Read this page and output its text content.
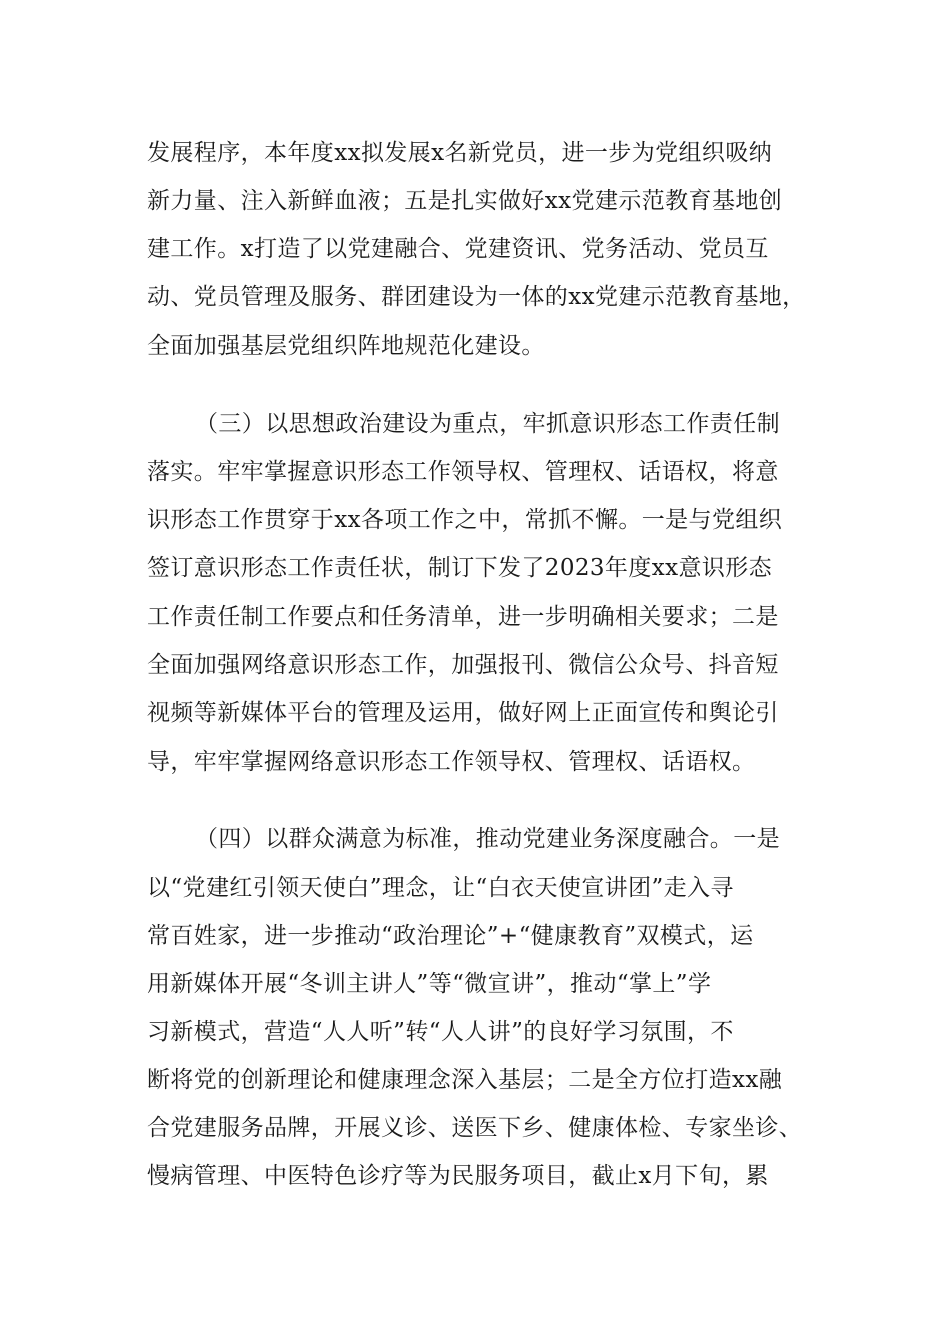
发展程序，本年度xx拟发展x名新党员，进一步为党组织吸纳
新力量、注入新鲜血液；五是扎实做好xx党建示范教育基地创
建工作。x打造了以党建融合、党建资讯、党务活动、党员互
动、党员管理及服务、群团建设为一体的xx党建示范教育基地，
全面加强基层党组织阵地规范化建设。
（三）以思想政治建设为重点，牢抓意识形态工作责任制
落实。牢牢掌握意识形态工作领导权、管理权、话语权，将意
识形态工作贯穿于xx各项工作之中，常抓不懈。一是与党组织
签订意识形态工作责任状，制订下发了2023年度xx意识形态
工作责任制工作要点和任务清单，进一步明确相关要求；二是
全面加强网络意识形态工作，加强报刊、微信公众号、抖音短
视频等新媒体平台的管理及运用，做好网上正面宣传和舆论引
导，牢牢掌握网络意识形态工作领导权、管理权、话语权。
（四）以群众满意为标准，推动党建业务深度融合。一是
以“党建红引领天使白”理念，让“白衣天使宣讲团”走入寻
常百姓家，进一步推动“政治理论”+“健康教育”双模式，运
用新媒体开展“冬训主讲人”等“微宣讲”，推动“掌上”学
习新模式，营造“人人听”转“人人讲”的良好学习氛围，不
断将党的创新理论和健康理念深入基层；二是全方位打造xx融
合党建服务品牌，开展义诊、送医下乡、健康体检、专家坐诊、
慢病管理、中医特色诊疗等为民服务项目，截止x月下旬，累
